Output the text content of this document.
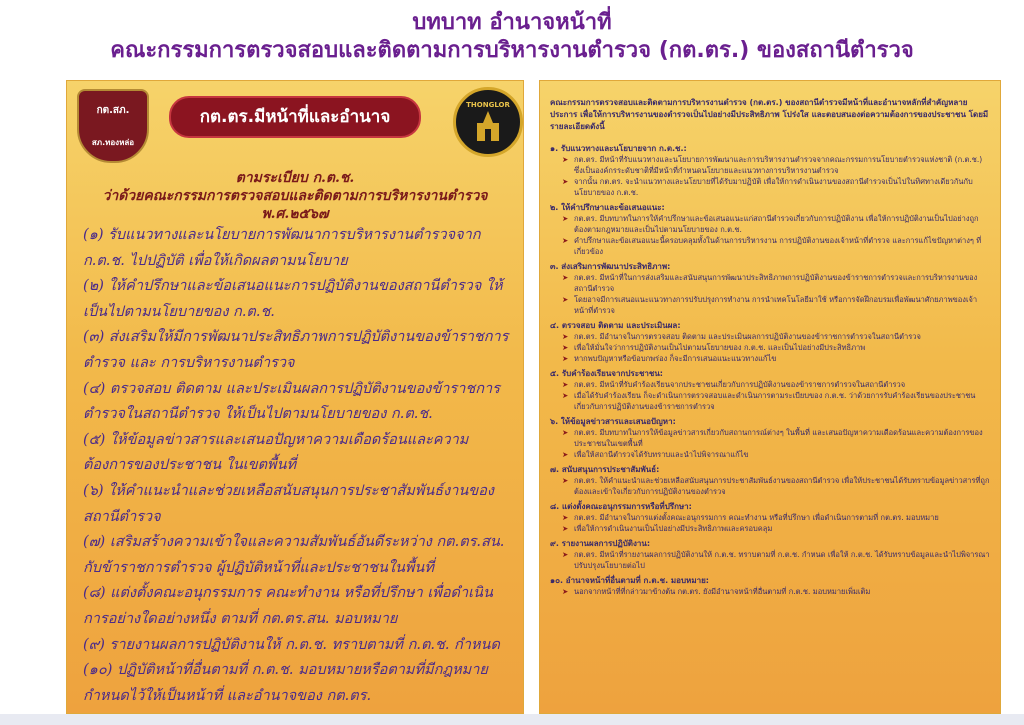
บทบาท อำนาจหน้าที่
คณะกรรมการตรวจสอบและติดตามการบริหารงานตำรวจ (กต.ตร.) ของสถานีตำรวจ
กต.สภ.
สภ.ทองหล่อ
กต.ตร.มีหน้าที่และอำนาจ
THONGLOR
ตามระเบียบ ก.ต.ช.
ว่าด้วยคณะกรรมการตรวจสอบและติดตามการบริหารงานตำรวจ
พ.ศ.๒๕๖๗
(๑) รับแนวทางและนโยบายการพัฒนาการบริหารงานตำรวจจาก ก.ต.ช. ไปปฏิบัติ เพื่อให้เกิดผลตามนโยบาย
(๒) ให้คำปรึกษาและข้อเสนอแนะการปฏิบัติงานของสถานีตำรวจ ให้เป็นไปตามนโยบายของ ก.ต.ช.
(๓) ส่งเสริมให้มีการพัฒนาประสิทธิภาพการปฏิบัติงานของข้าราชการตำรวจ และ การบริหารงานตำรวจ
(๔) ตรวจสอบ ติดตาม และประเมินผลการปฏิบัติงานของข้าราชการตำรวจในสถานีตำรวจ ให้เป็นไปตามนโยบายของ ก.ต.ช.
(๕) ให้ข้อมูลข่าวสารและเสนอปัญหาความเดือดร้อนและความต้องการของประชาชน ในเขตพื้นที่
(๖) ให้คำแนะนำและช่วยเหลือสนับสนุนการประชาสัมพันธ์งานของสถานีตำรวจ
(๗) เสริมสร้างความเข้าใจและความสัมพันธ์อันดีระหว่าง กต.ตร.สน. กับข้าราชการตำรวจ ผู้ปฏิบัติหน้าที่และประชาชนในพื้นที่
(๘) แต่งตั้งคณะอนุกรรมการ คณะทำงาน หรือที่ปรึกษา เพื่อดำเนินการอย่างใดอย่างหนึ่ง ตามที่ กต.ตร.สน. มอบหมาย
(๙) รายงานผลการปฏิบัติงานให้ ก.ต.ช. ทราบตามที่ ก.ต.ช. กำหนด
(๑๐) ปฏิบัติหน้าที่อื่นตามที่ ก.ต.ช. มอบหมายหรือตามที่มีกฎหมายกำหนดไว้ให้เป็นหน้าที่ และอำนาจของ กต.ตร.
คณะกรรมการตรวจสอบและติดตามการบริหารงานตำรวจ (กต.ตร.) ของสถานีตำรวจมีหน้าที่และอำนาจหลักที่สำคัญหลายประการ เพื่อให้การบริหารงานของตำรวจเป็นไปอย่างมีประสิทธิภาพ โปร่งใส และตอบสนองต่อความต้องการของประชาชน โดยมีรายละเอียดดังนี้
๑. รับแนวทางและนโยบายจาก ก.ต.ช.:
➤ กต.ตร. มีหน้าที่รับแนวทางและนโยบายการพัฒนาและการบริหารงานตำรวจจากคณะกรรมการนโยบายตำรวจแห่งชาติ (ก.ต.ช.) ซึ่งเป็นองค์กรระดับชาติที่มีหน้าที่กำหนดนโยบายและแนวทางการบริหารงานตำรวจ
➤ จากนั้น กต.ตร. จะนำแนวทางและนโยบายที่ได้รับมาปฏิบัติ เพื่อให้การดำเนินงานของสถานีตำรวจเป็นไปในทิศทางเดียวกันกับนโยบายของ ก.ต.ช.
๒. ให้คำปรึกษาและข้อเสนอแนะ:
➤ กต.ตร. มีบทบาทในการให้คำปรึกษาและข้อเสนอแนะแก่สถานีตำรวจเกี่ยวกับการปฏิบัติงาน เพื่อให้การปฏิบัติงานเป็นไปอย่างถูกต้องตามกฎหมายและเป็นไปตามนโยบายของ ก.ต.ช.
➤ คำปรึกษาและข้อเสนอแนะนี้ครอบคลุมทั้งในด้านการบริหารงาน การปฏิบัติงานของเจ้าหน้าที่ตำรวจ และการแก้ไขปัญหาต่างๆ ที่เกี่ยวข้อง
๓. ส่งเสริมการพัฒนาประสิทธิภาพ:
➤ กต.ตร. มีหน้าที่ในการส่งเสริมและสนับสนุนการพัฒนาประสิทธิภาพการปฏิบัติงานของข้าราชการตำรวจและการบริหารงานของสถานีตำรวจ
➤ โดยอาจมีการเสนอแนะแนวทางการปรับปรุงการทำงาน การนำเทคโนโลยีมาใช้ หรือการจัดฝึกอบรมเพื่อพัฒนาศักยภาพของเจ้าหน้าที่ตำรวจ
๔. ตรวจสอบ ติดตาม และประเมินผล:
➤ กต.ตร. มีอำนาจในการตรวจสอบ ติดตาม และประเมินผลการปฏิบัติงานของข้าราชการตำรวจในสถานีตำรวจ
➤ เพื่อให้มั่นใจว่าการปฏิบัติงานเป็นไปตามนโยบายของ ก.ต.ช. และเป็นไปอย่างมีประสิทธิภาพ
➤ หากพบปัญหาหรือข้อบกพร่อง ก็จะมีการเสนอแนะแนวทางแก้ไข
๕. รับคำร้องเรียนจากประชาชน:
➤ กต.ตร. มีหน้าที่รับคำร้องเรียนจากประชาชนเกี่ยวกับการปฏิบัติงานของข้าราชการตำรวจในสถานีตำรวจ
➤ เมื่อได้รับคำร้องเรียน ก็จะดำเนินการตรวจสอบและดำเนินการตามระเบียบของ ก.ต.ช. ว่าด้วยการรับคำร้องเรียนของประชาชนเกี่ยวกับการปฏิบัติงานของข้าราชการตำรวจ
๖. ให้ข้อมูลข่าวสารและเสนอปัญหา:
➤ กต.ตร. มีบทบาทในการให้ข้อมูลข่าวสารเกี่ยวกับสถานการณ์ต่างๆ ในพื้นที่ และเสนอปัญหาความเดือดร้อนและความต้องการของประชาชนในเขตพื้นที่
➤ เพื่อให้สถานีตำรวจได้รับทราบและนำไปพิจารณาแก้ไข
๗. สนับสนุนการประชาสัมพันธ์:
➤ กต.ตร. ให้คำแนะนำและช่วยเหลือสนับสนุนการประชาสัมพันธ์งานของสถานีตำรวจ เพื่อให้ประชาชนได้รับทราบข้อมูลข่าวสารที่ถูกต้องและเข้าใจเกี่ยวกับการปฏิบัติงานของตำรวจ
๘. แต่งตั้งคณะอนุกรรมการหรือที่ปรึกษา:
➤ กต.ตร. มีอำนาจในการแต่งตั้งคณะอนุกรรมการ คณะทำงาน หรือที่ปรึกษา เพื่อดำเนินการตามที่ กต.ตร. มอบหมาย
➤ เพื่อให้การดำเนินงานเป็นไปอย่างมีประสิทธิภาพและครอบคลุม
๙. รายงานผลการปฏิบัติงาน:
➤ กต.ตร. มีหน้าที่รายงานผลการปฏิบัติงานให้ ก.ต.ช. ทราบตามที่ ก.ต.ช. กำหนด เพื่อให้ ก.ต.ช. ได้รับทราบข้อมูลและนำไปพิจารณาปรับปรุงนโยบายต่อไป
๑๐. อำนาจหน้าที่อื่นตามที่ ก.ต.ช. มอบหมาย:
➤ นอกจากหน้าที่ที่กล่าวมาข้างต้น กต.ตร. ยังมีอำนาจหน้าที่อื่นตามที่ ก.ต.ช. มอบหมายเพิ่มเติม
